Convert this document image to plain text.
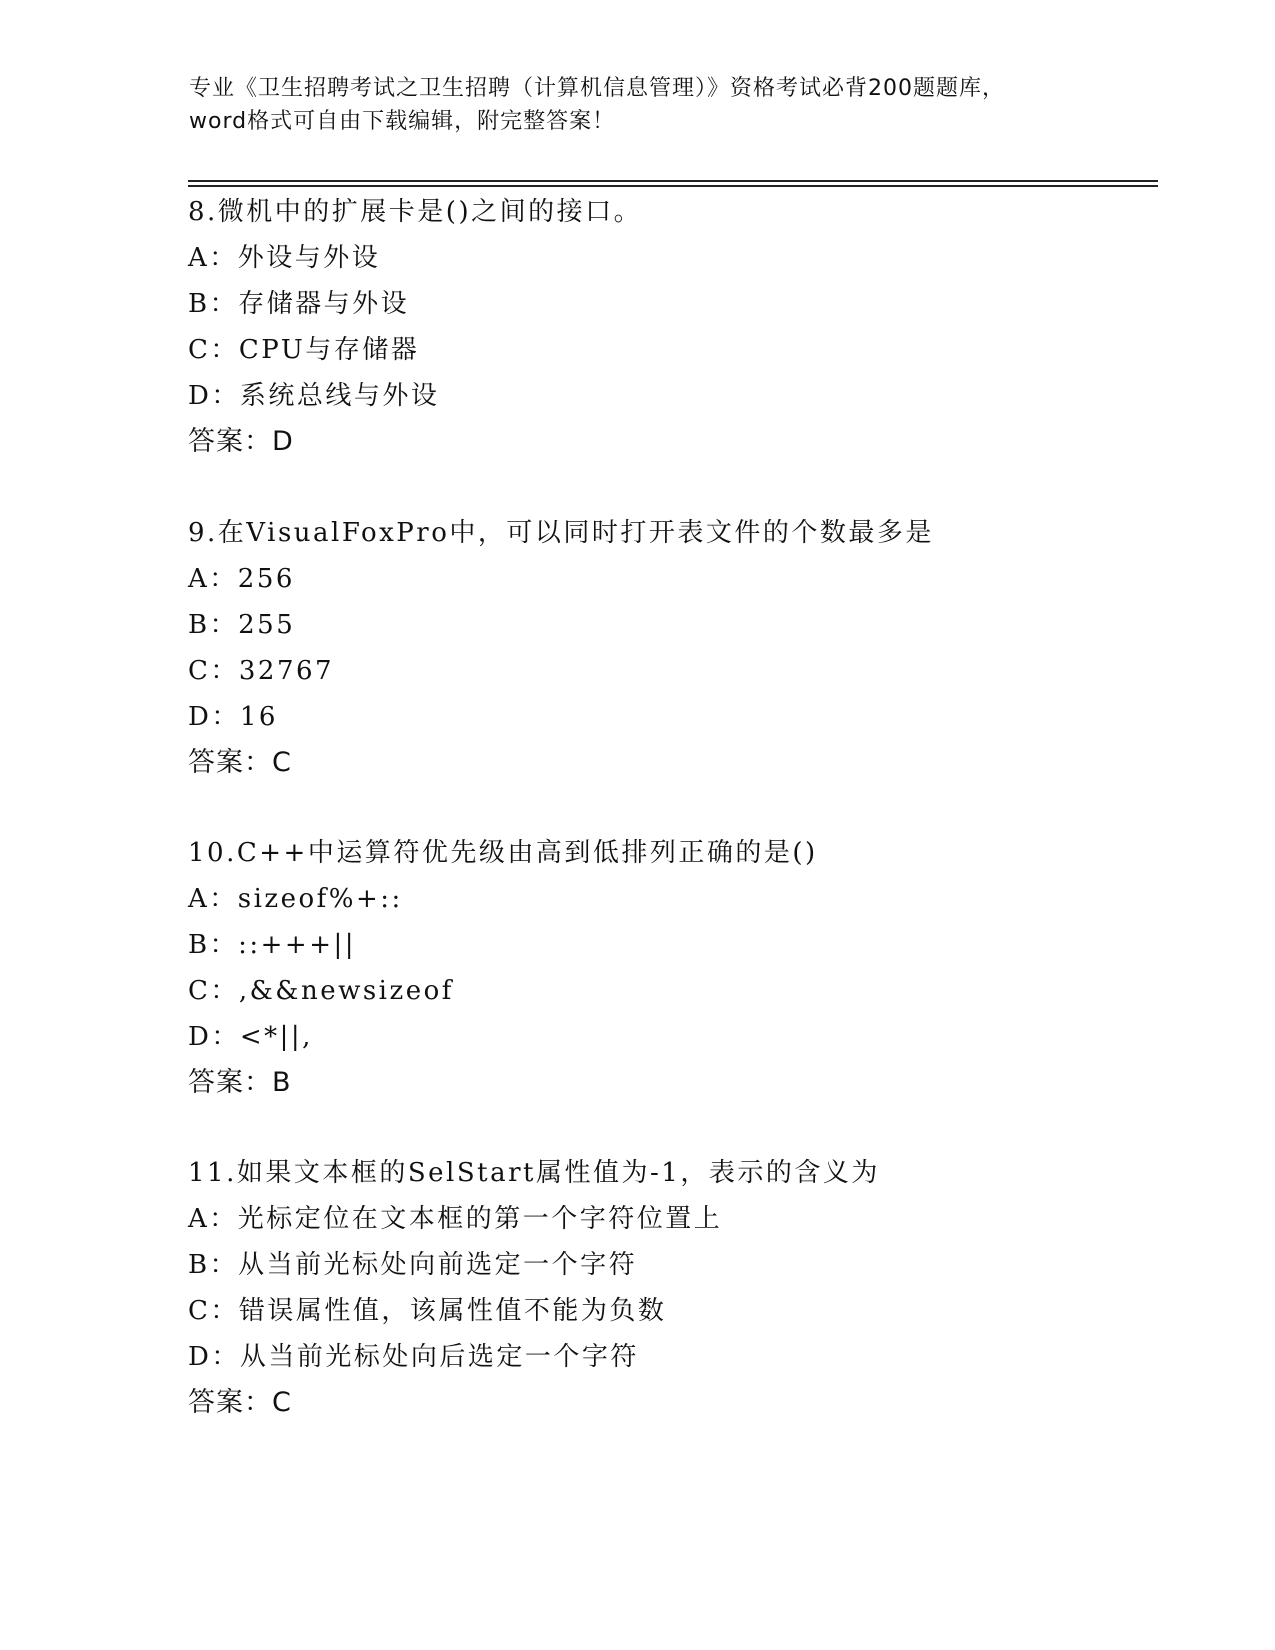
专业《卫生招聘考试之卫生招聘（计算机信息管理）》资格考试必背200题题库，
word格式可自由下载编辑，附完整答案！
8.微机中的扩展卡是()之间的接口。
A：外设与外设
B：存储器与外设
C：CPU与存储器
D：系统总线与外设
答案：D
9.在VisualFoxPro中，可以同时打开表文件的个数最多是
A：256
B：255
C：32767
D：16
答案：C
10.C++中运算符优先级由高到低排列正确的是()
A：sizeof%+::
B：::+++||
C：,&&newsizeof
D：<*||,
答案：B
11.如果文本框的SelStart属性值为-1，表示的含义为
A：光标定位在文本框的第一个字符位置上
B：从当前光标处向前选定一个字符
C：错误属性值，该属性值不能为负数
D：从当前光标处向后选定一个字符
答案：C
